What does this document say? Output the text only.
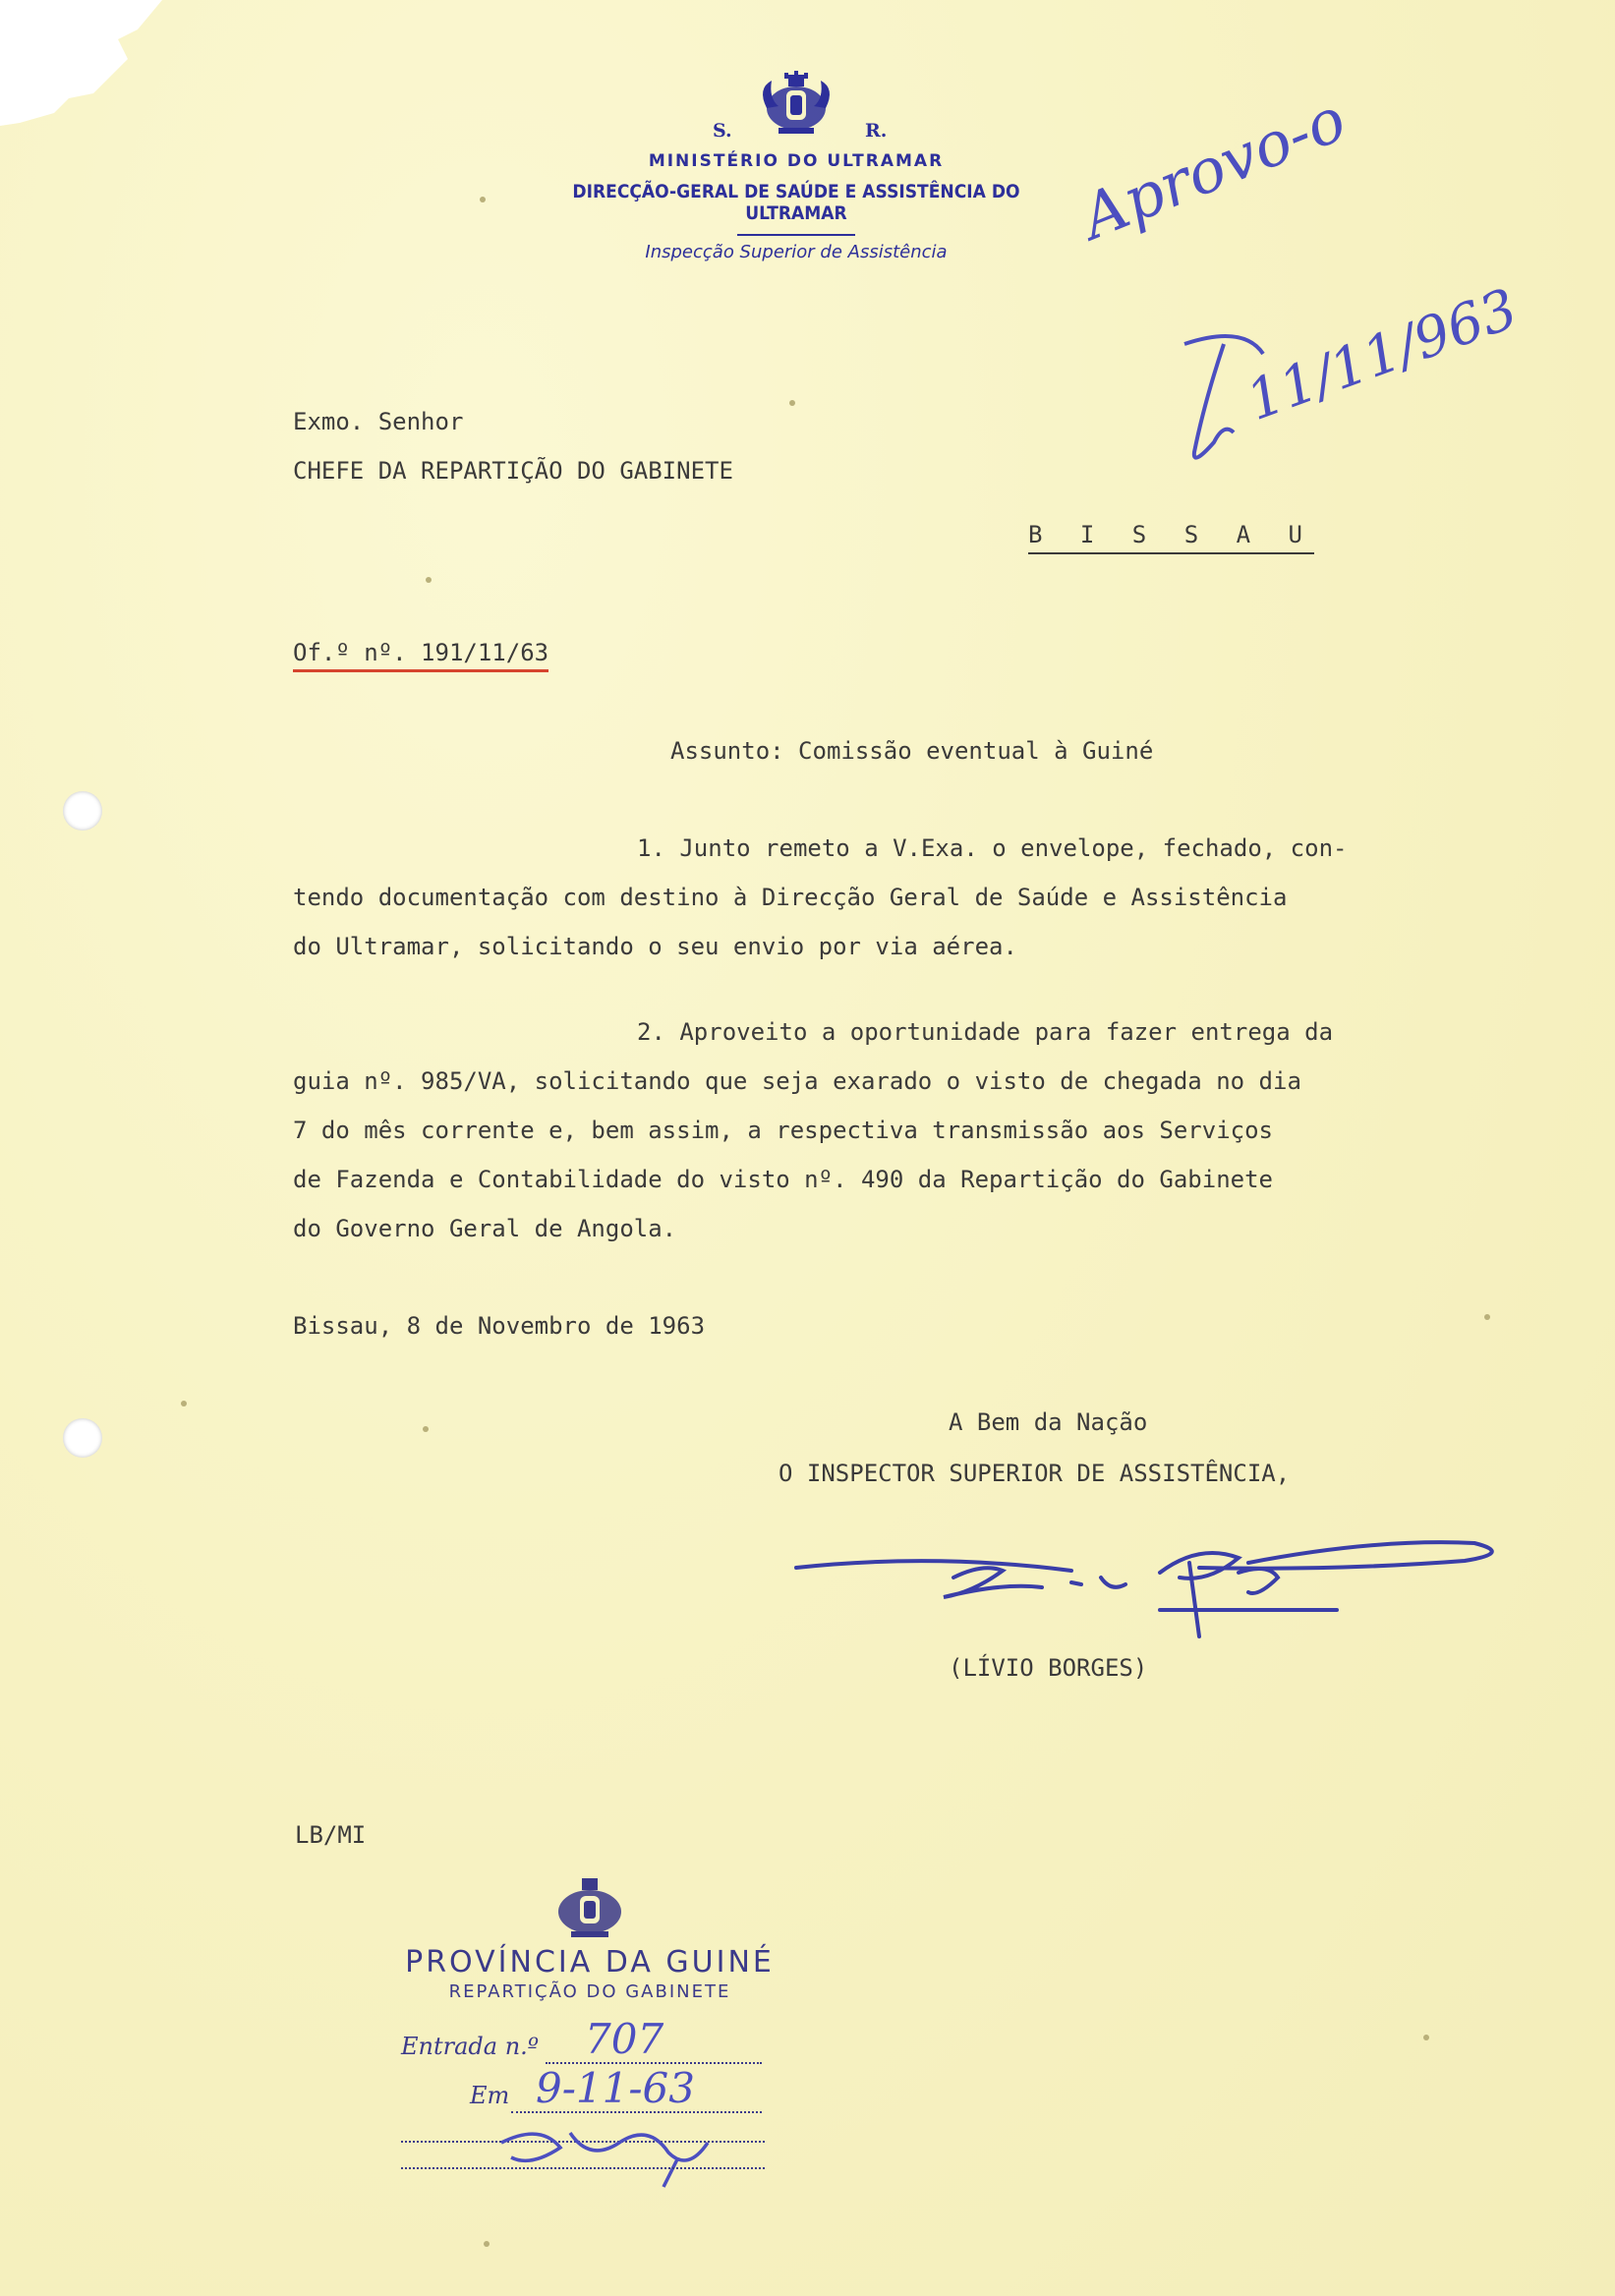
S.	R.
MINISTÉRIO DO ULTRAMAR
DIRECÇÃO-GERAL DE SAÚDE E ASSISTÊNCIA DO ULTRAMAR
Inspecção Superior de Assistência	Aprovo-o
11/11/963
Exmo. Senhor
CHEFE DA REPARTIÇÃO DO GABINETE
B I S S A U
Of.º nº. 191/11/63
Assunto: Comissão eventual à Guiné
1. Junto remeto a V.Exa. o envelope, fechado, con-
tendo documentação com destino à Direcção Geral de Saúde e Assistência
do Ultramar, solicitando o seu envio por via aérea.
2. Aproveito a oportunidade para fazer entrega da
guia nº. 985/VA, solicitando que seja exarado o visto de chegada no dia
7 do mês corrente e, bem assim, a respectiva transmissão aos Serviços
de Fazenda e Contabilidade do visto nº. 490 da Repartição do Gabinete
do Governo Geral de Angola.
Bissau, 8 de Novembro de 1963
A Bem da Nação
O INSPECTOR SUPERIOR DE ASSISTÊNCIA,
(LÍVIO BORGES)
LB/MI
PROVÍNCIA DA GUINÉ
REPARTIÇÃO DO GABINETE
Entrada n.º 707
Em 9-11-63
